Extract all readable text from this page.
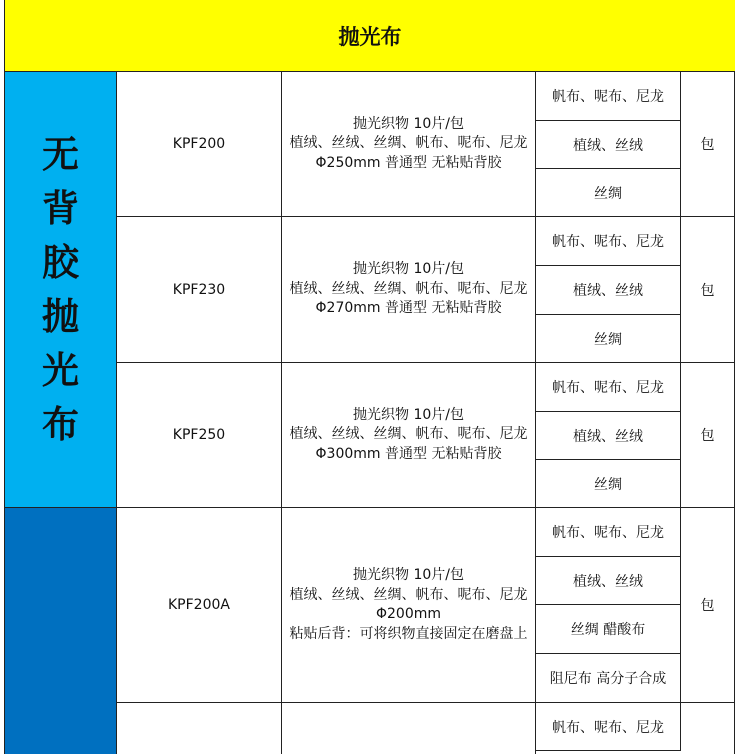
抛光布
无
背
胶
抛
光
布
KPF200
抛光织物 10片/包
植绒、丝绒、丝绸、帆布、呢布、尼龙
Φ250mm 普通型 无粘贴背胶
帆布、呢布、尼龙
植绒、丝绒
丝绸
包
KPF230
抛光织物 10片/包
植绒、丝绒、丝绸、帆布、呢布、尼龙
Φ270mm 普通型 无粘贴背胶
帆布、呢布、尼龙
植绒、丝绒
丝绸
包
KPF250
抛光织物 10片/包
植绒、丝绒、丝绸、帆布、呢布、尼龙
Φ300mm 普通型 无粘贴背胶
帆布、呢布、尼龙
植绒、丝绒
丝绸
包
KPF200A
抛光织物 10片/包
植绒、丝绒、丝绸、帆布、呢布、尼龙
Φ200mm
粘贴后背：可将织物直接固定在磨盘上
帆布、呢布、尼龙
植绒、丝绒
丝绸 醋酸布
阻尼布 高分子合成
包
帆布、呢布、尼龙
